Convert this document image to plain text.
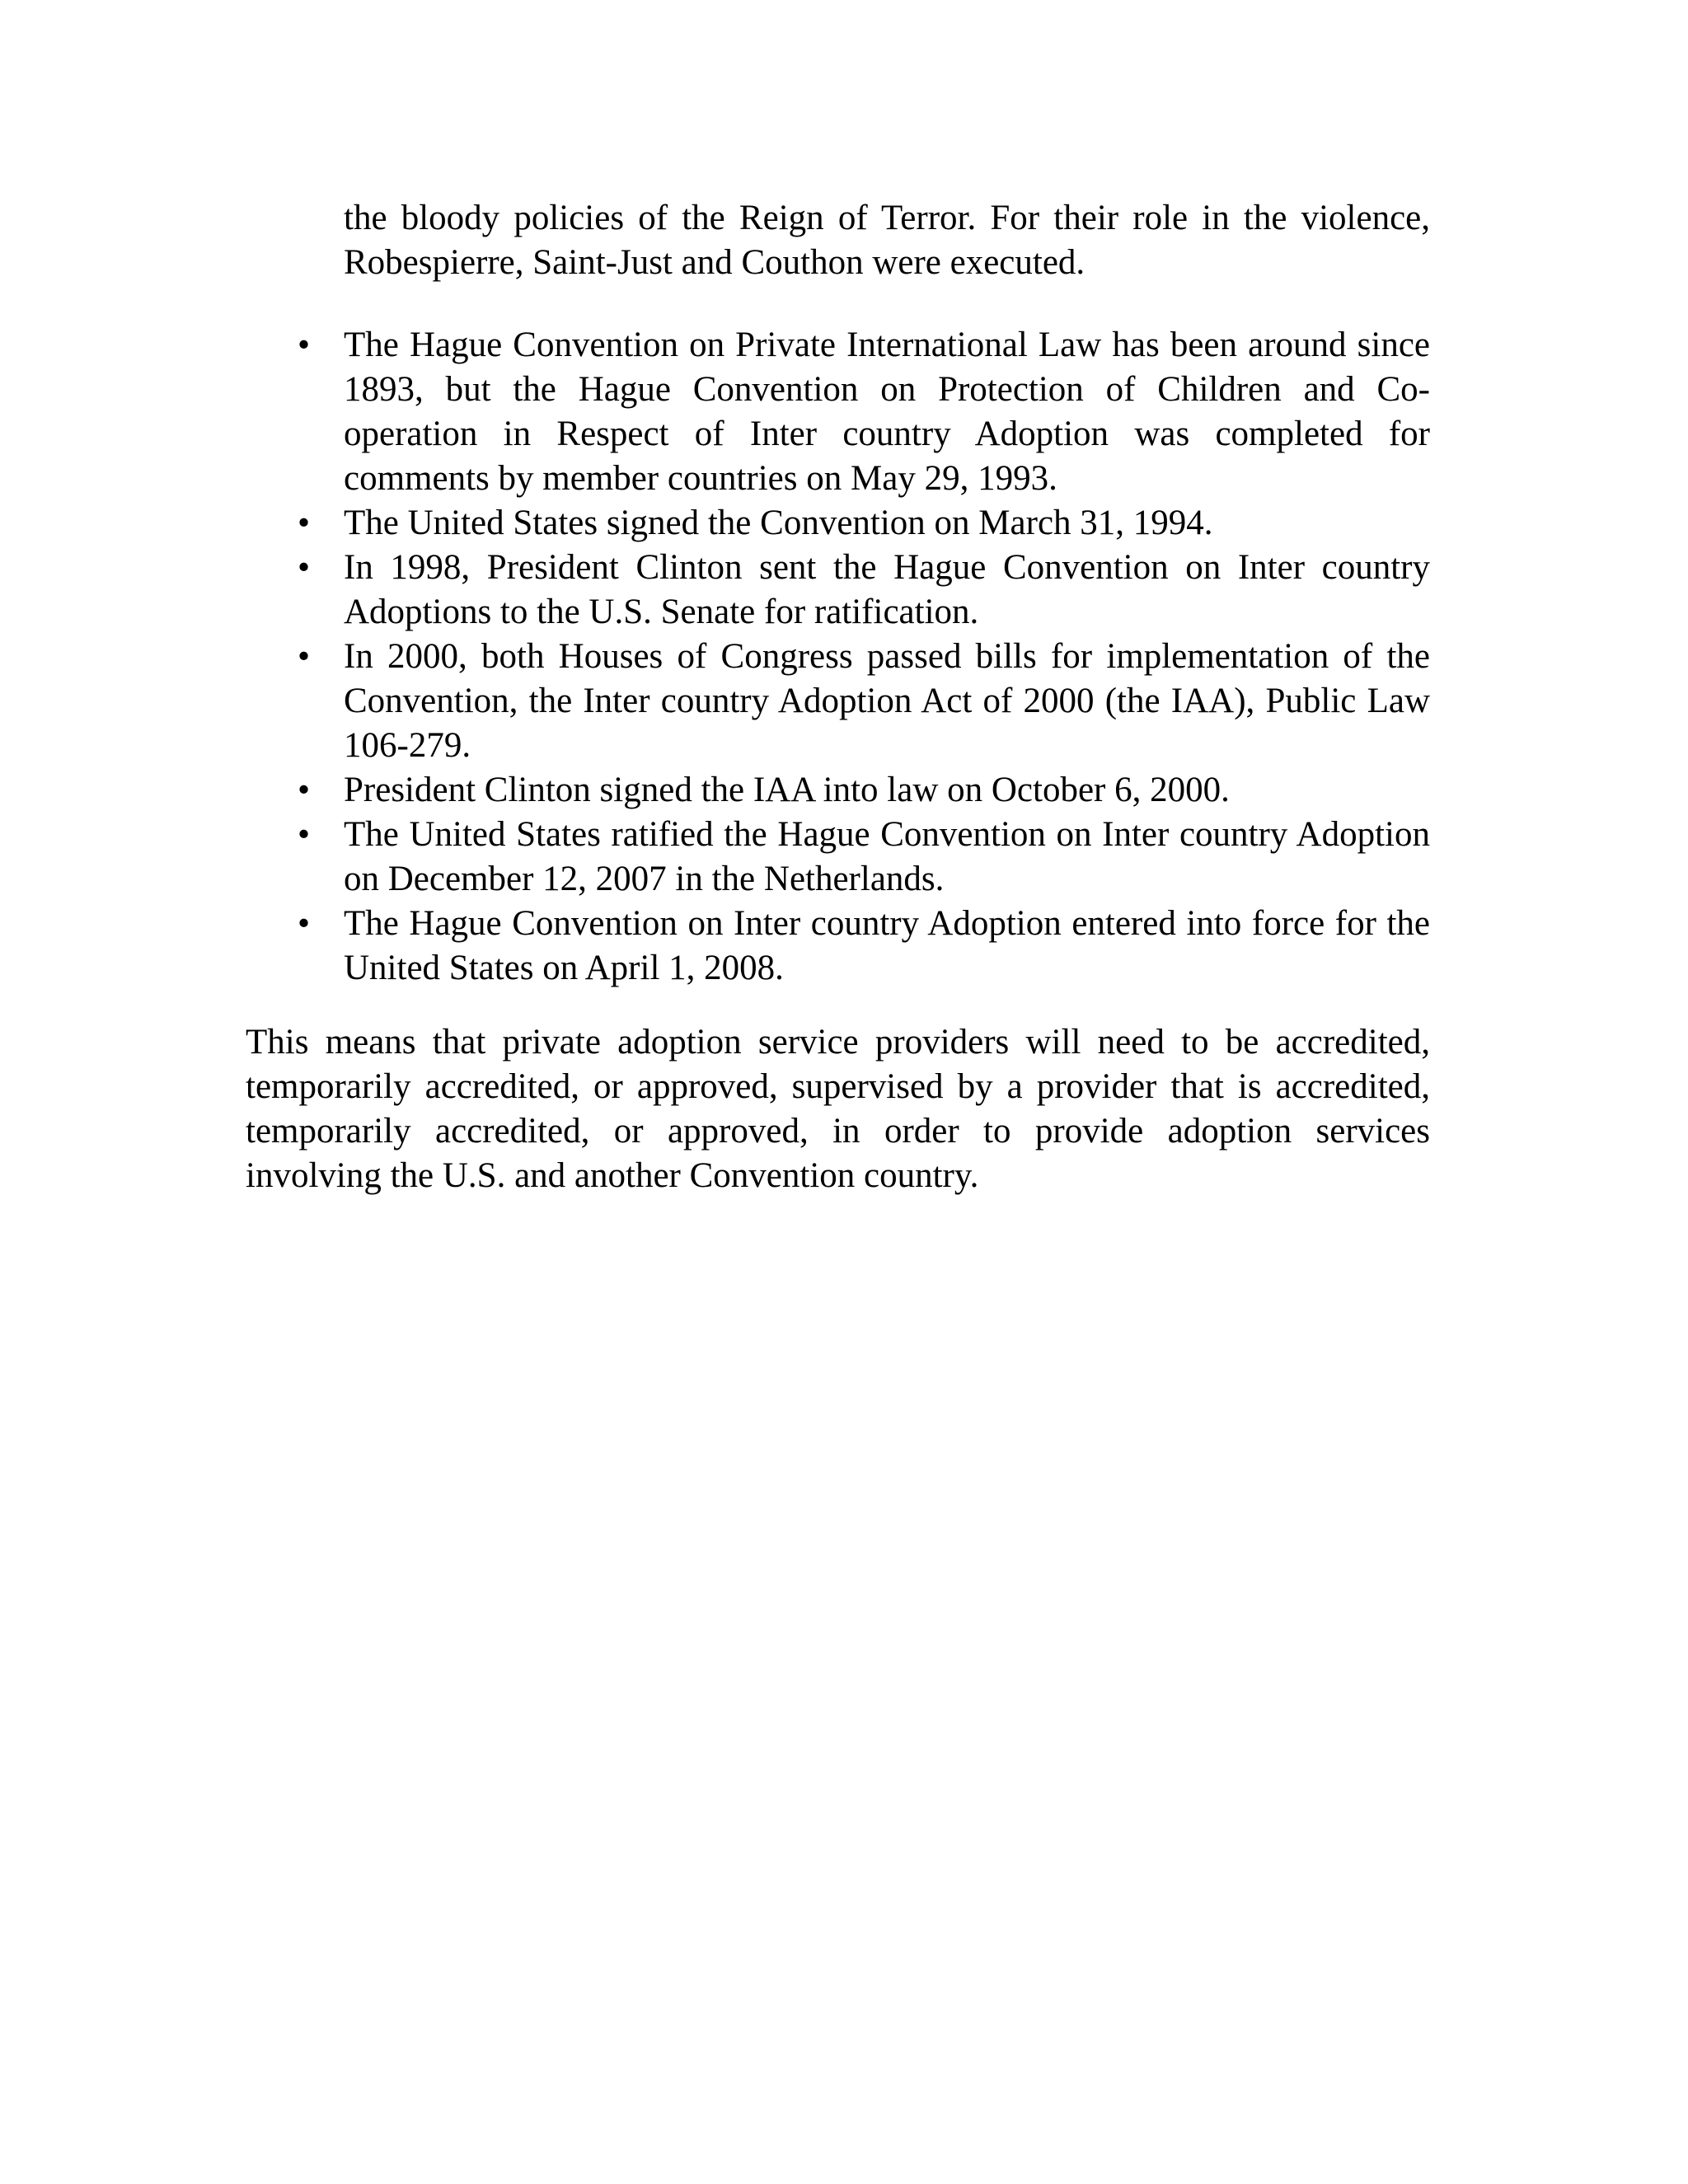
the bloody policies of the Reign of Terror. For their role in the violence, Robespierre, Saint-Just and Couthon were executed.

• The Hague Convention on Private International Law has been around since 1893, but the Hague Convention on Protection of Children and Co-operation in Respect of Inter country Adoption was completed for comments by member countries on May 29, 1993.
• The United States signed the Convention on March 31, 1994.
• In 1998, President Clinton sent the Hague Convention on Inter country Adoptions to the U.S. Senate for ratification.
• In 2000, both Houses of Congress passed bills for implementation of the Convention, the Inter country Adoption Act of 2000 (the IAA), Public Law 106-279.
• President Clinton signed the IAA into law on October 6, 2000.
• The United States ratified the Hague Convention on Inter country Adoption on December 12, 2007 in the Netherlands.
• The Hague Convention on Inter country Adoption entered into force for the United States on April 1, 2008.

This means that private adoption service providers will need to be accredited, temporarily accredited, or approved, supervised by a provider that is accredited, temporarily accredited, or approved, in order to provide adoption services involving the U.S. and another Convention country.
